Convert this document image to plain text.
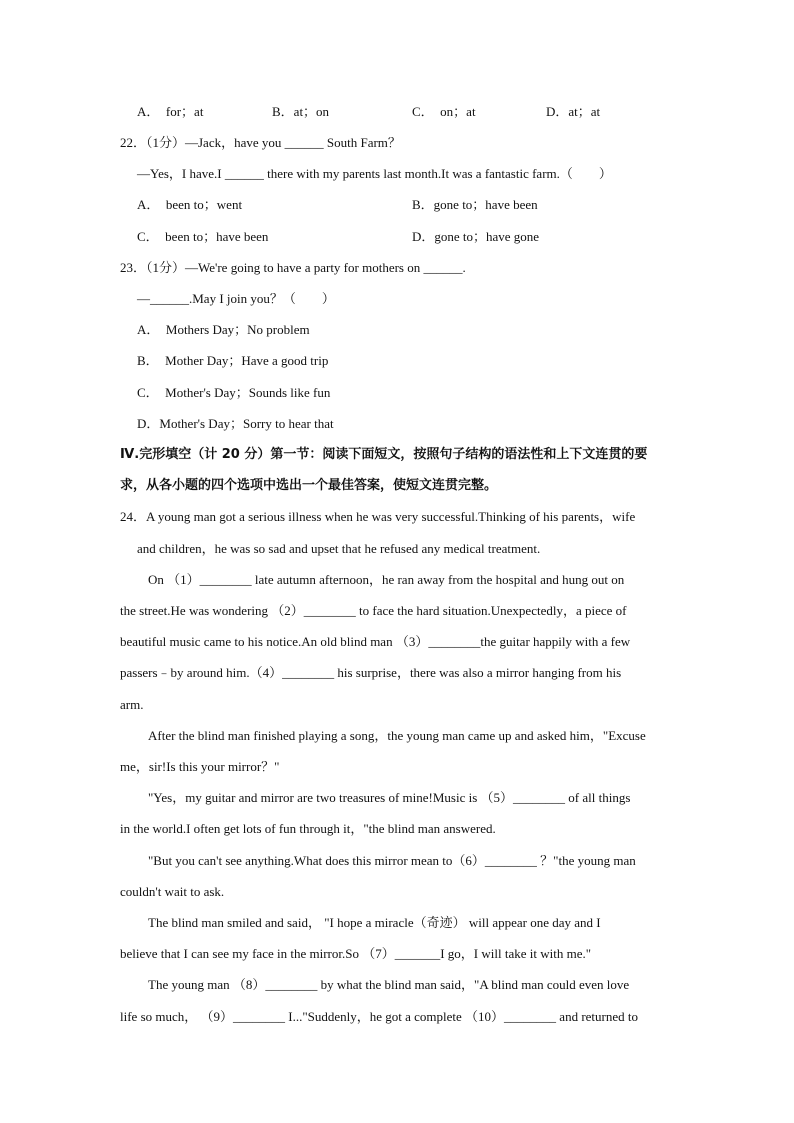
A．　for；at	B．at；on	C．　on；at	D．at；at
22．（1分）—Jack，have you ______ South Farm？
—Yes，I have.I ______ there with my parents last month.It was a fantastic farm.（　　）
A．　been to；went	B．gone to；have been
C．　been to；have been	D．gone to；have gone
23．（1分）—We're going to have a party for mothers on ______.
—______.May I join you？（　　）
A．　Mothers Day；No problem
B．　Mother Day；Have a good trip
C．　Mother's Day；Sounds like fun
D．Mother's Day；Sorry to hear that
Ⅳ.完形填空（计 20 分）第一节：阅读下面短文，按照句子结构的语法性和上下文连贯的要
求，从各小题的四个选项中选出一个最佳答案，使短文连贯完整。
24．A young man got a serious illness when he was very successful.Thinking of his parents，wife
and children，he was so sad and upset that he refused any medical treatment.
On （1）________ late autumn afternoon，he ran away from the hospital and hung out on
the street.He was wondering （2）________ to face the hard situation.Unexpectedly，a piece of
beautiful music came to his notice.An old blind man （3）________the guitar happily with a few
passers﹣by around him.（4）________ his surprise，there was also a mirror hanging from his
arm.
After the blind man finished playing a song，the young man came up and asked him，"Excuse
me，sir!Is this your mirror？"
"Yes，my guitar and mirror are two treasures of mine!Music is （5）________ of all things
in the world.I often get lots of fun through it，"the blind man answered.
"But you can't see anything.What does this mirror mean to（6）________ ？"the young man
couldn't wait to ask.
The blind man smiled and said， "I hope a miracle（奇迹） will appear one day and I
believe that I can see my face in the mirror.So （7）_______I go，I will take it with me."
The young man （8）________ by what the blind man said，"A blind man could even love
life so much， （9）________ I..."Suddenly，he got a complete （10）________ and returned to
